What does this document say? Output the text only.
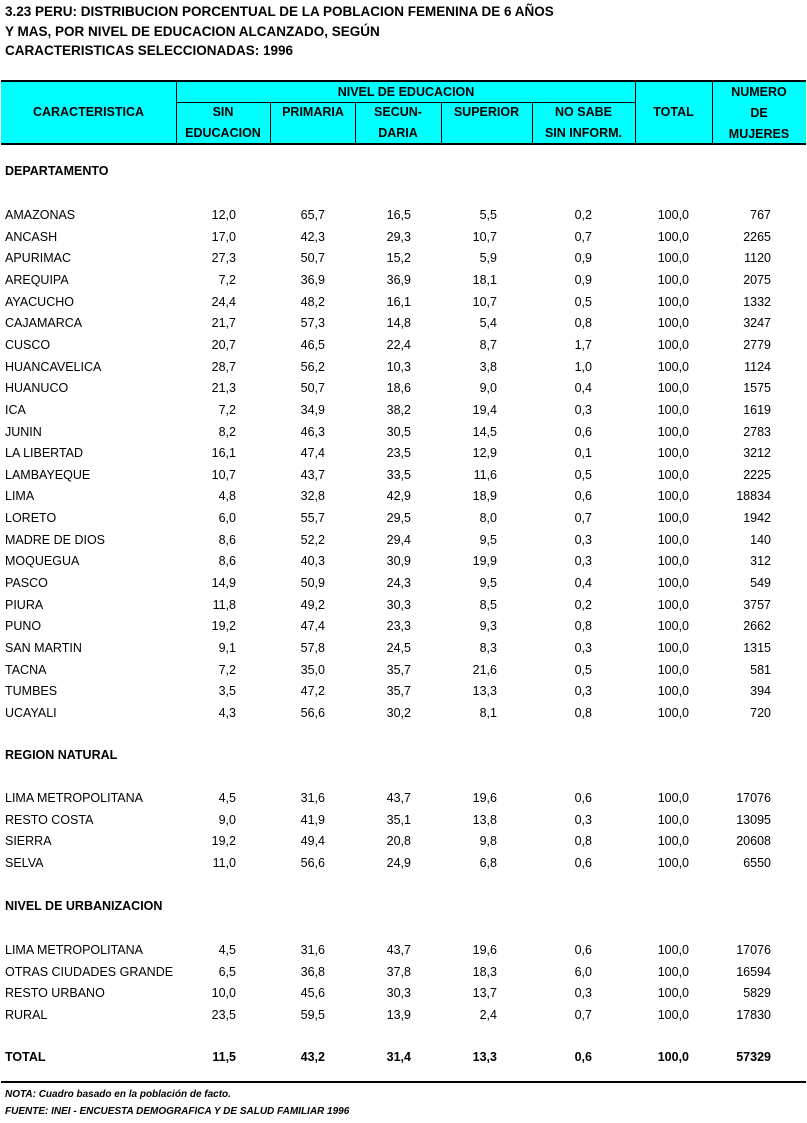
3.23 PERU: DISTRIBUCION PORCENTUAL DE LA POBLACION FEMENINA DE 6 AÑOS
Y MAS, POR NIVEL DE EDUCACION ALCANZADO, SEGÚN
CARACTERISTICAS SELECCIONADAS: 1996
CARACTERISTICA
NIVEL DE EDUCACION
SIN
EDUCACION
PRIMARIA	SECUN-
DARIA
SUPERIOR	NO SABE
SIN INFORM.
TOTAL
NUMERO
DE
MUJERES
DEPARTAMENTO
AMAZONAS	12,0	65,7	16,5	5,5	0,2	100,0	767
ANCASH	17,0	42,3	29,3	10,7	0,7	100,0	2265
APURIMAC	27,3	50,7	15,2	5,9	0,9	100,0	1120
AREQUIPA	7,2	36,9	36,9	18,1	0,9	100,0	2075
AYACUCHO	24,4	48,2	16,1	10,7	0,5	100,0	1332
CAJAMARCA	21,7	57,3	14,8	5,4	0,8	100,0	3247
CUSCO	20,7	46,5	22,4	8,7	1,7	100,0	2779
HUANCAVELICA	28,7	56,2	10,3	3,8	1,0	100,0	1124
HUANUCO	21,3	50,7	18,6	9,0	0,4	100,0	1575
ICA	7,2	34,9	38,2	19,4	0,3	100,0	1619
JUNIN	8,2	46,3	30,5	14,5	0,6	100,0	2783
LA LIBERTAD	16,1	47,4	23,5	12,9	0,1	100,0	3212
LAMBAYEQUE	10,7	43,7	33,5	11,6	0,5	100,0	2225
LIMA	4,8	32,8	42,9	18,9	0,6	100,0	18834
LORETO	6,0	55,7	29,5	8,0	0,7	100,0	1942
MADRE DE DIOS	8,6	52,2	29,4	9,5	0,3	100,0	140
MOQUEGUA	8,6	40,3	30,9	19,9	0,3	100,0	312
PASCO	14,9	50,9	24,3	9,5	0,4	100,0	549
PIURA	11,8	49,2	30,3	8,5	0,2	100,0	3757
PUNO	19,2	47,4	23,3	9,3	0,8	100,0	2662
SAN MARTIN	9,1	57,8	24,5	8,3	0,3	100,0	1315
TACNA	7,2	35,0	35,7	21,6	0,5	100,0	581
TUMBES	3,5	47,2	35,7	13,3	0,3	100,0	394
UCAYALI	4,3	56,6	30,2	8,1	0,8	100,0	720
REGION NATURAL
LIMA METROPOLITANA	4,5	31,6	43,7	19,6	0,6	100,0	17076
RESTO COSTA	9,0	41,9	35,1	13,8	0,3	100,0	13095
SIERRA	19,2	49,4	20,8	9,8	0,8	100,0	20608
SELVA	11,0	56,6	24,9	6,8	0,6	100,0	6550
NIVEL DE URBANIZACION
LIMA METROPOLITANA	4,5	31,6	43,7	19,6	0,6	100,0	17076
OTRAS CIUDADES GRANDE	6,5	36,8	37,8	18,3	6,0	100,0	16594
RESTO URBANO	10,0	45,6	30,3	13,7	0,3	100,0	5829
RURAL	23,5	59,5	13,9	2,4	0,7	100,0	17830
TOTAL	11,5	43,2	31,4	13,3	0,6	100,0	57329
NOTA: Cuadro basado en la población de facto.
FUENTE: INEI - ENCUESTA DEMOGRAFICA Y DE SALUD FAMILIAR 1996
